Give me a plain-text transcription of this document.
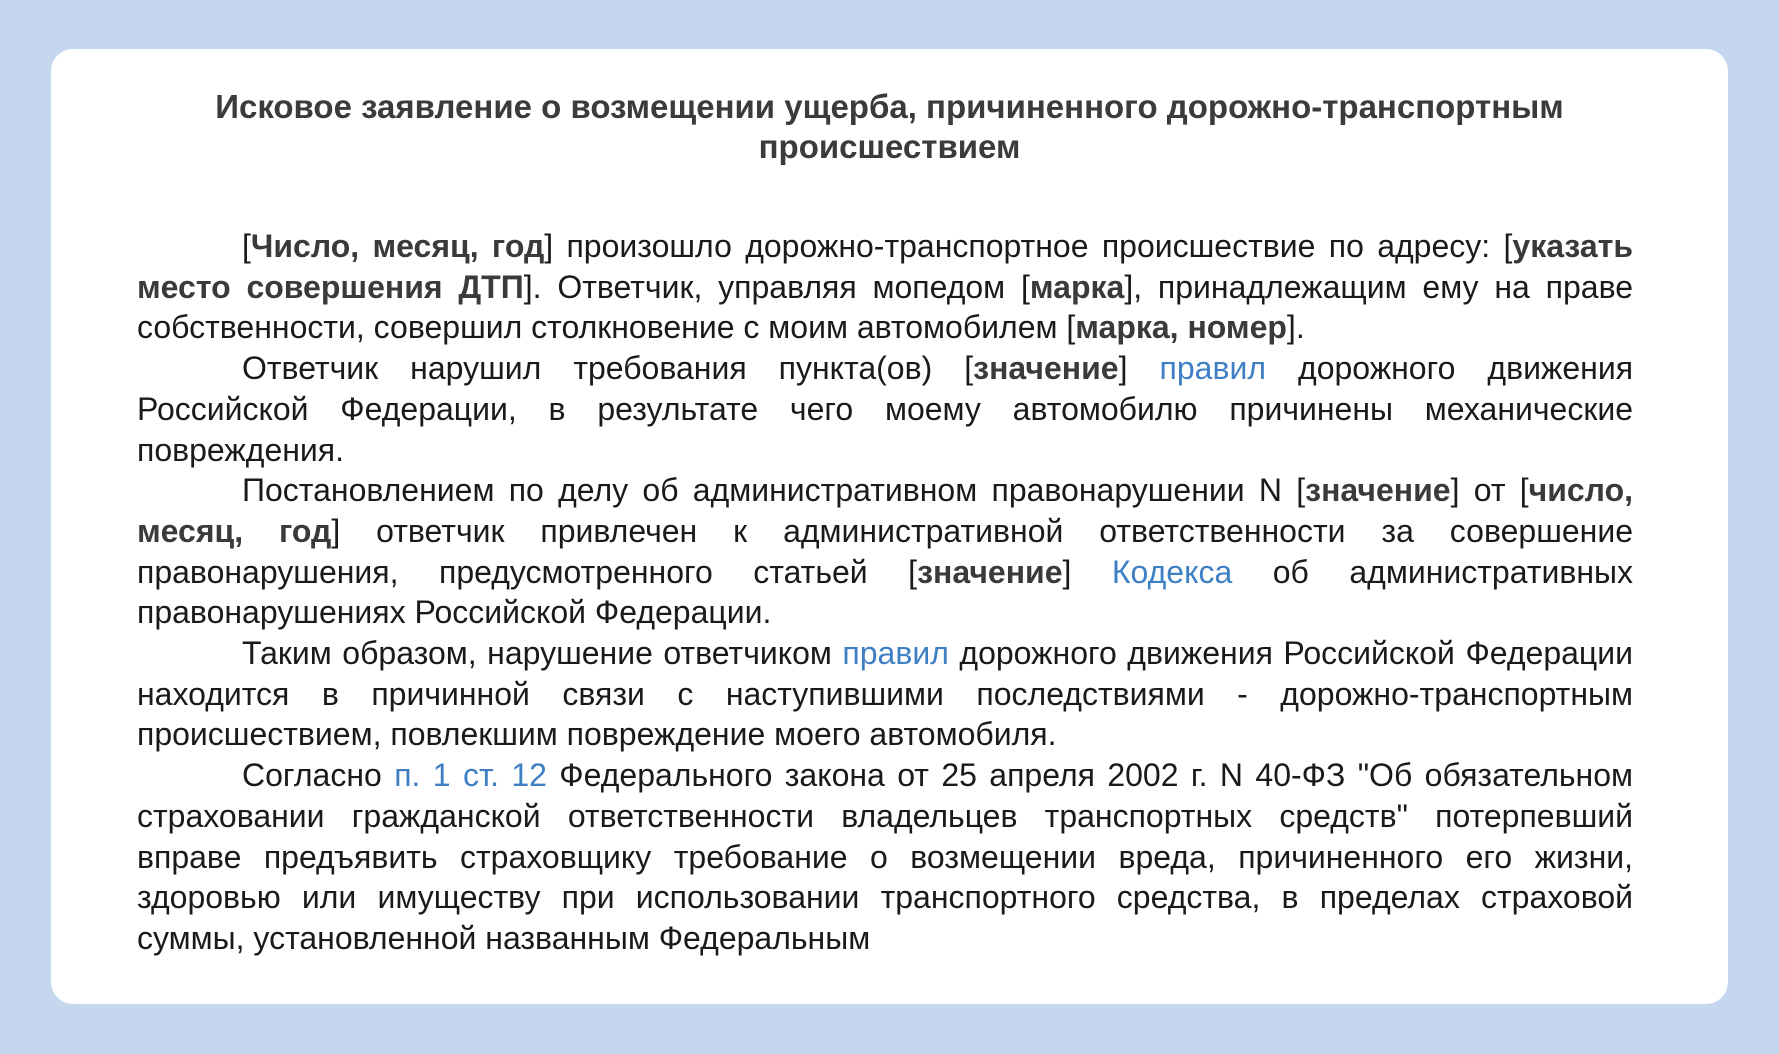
Исковое заявление о возмещении ущерба, причиненного дорожно-транспортным
происшествием

[Число, месяц, год] произошло дорожно-транспортное происшествие по адресу: [указать место совершения ДТП]. Ответчик, управляя мопедом [марка], принадлежащим ему на праве собственности, совершил столкновение с моим автомобилем [марка, номер].

Ответчик нарушил требования пункта(ов) [значение] правил дорожного движения Российской Федерации, в результате чего моему автомобилю причинены механические повреждения.

Постановлением по делу об административном правонарушении N [значение] от [число, месяц, год] ответчик привлечен к административной ответственности за совершение правонарушения, предусмотренного статьей [значение] Кодекса об административных правонарушениях Российской Федерации.

Таким образом, нарушение ответчиком правил дорожного движения Российской Федерации находится в причинной связи с наступившими последствиями - дорожно-транспортным происшествием, повлекшим повреждение моего автомобиля.

Согласно п. 1 ст. 12 Федерального закона от 25 апреля 2002 г. N 40-ФЗ "Об обязательном страховании гражданской ответственности владельцев транспортных средств" потерпевший вправе предъявить страховщику требование о возмещении вреда, причиненного его жизни, здоровью или имуществу при использовании транспортного средства, в пределах страховой суммы, установленной названным Федеральным
